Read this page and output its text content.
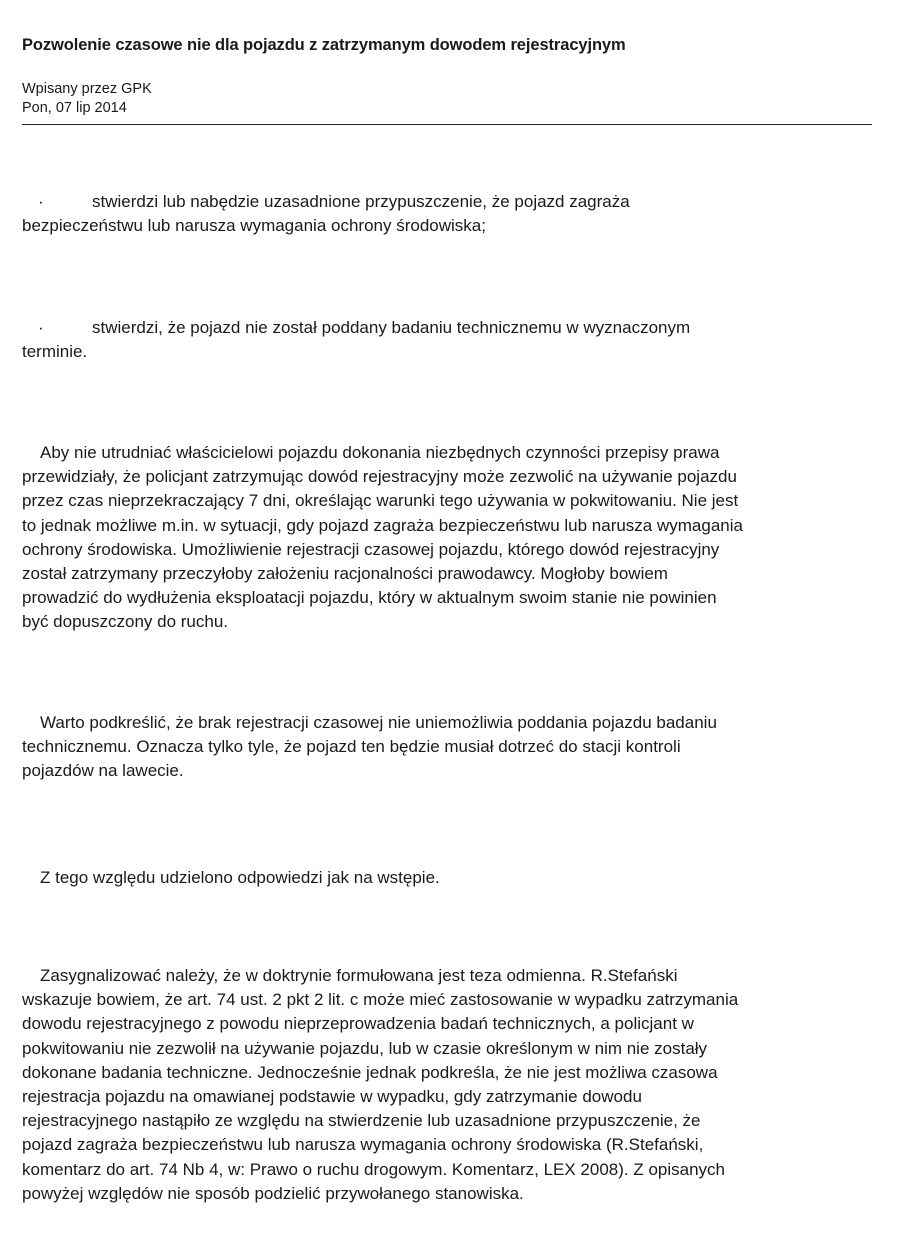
Pozwolenie czasowe nie dla pojazdu z zatrzymanym dowodem rejestracyjnym
Wpisany przez GPK
Pon, 07 lip 2014
·	stwierdzi lub nabędzie uzasadnione przypuszczenie, że pojazd zagraża
bezpieczeństwu lub narusza wymagania ochrony środowiska;
·	stwierdzi, że pojazd nie został poddany badaniu technicznemu w wyznaczonym
terminie.
Aby nie utrudniać właścicielowi pojazdu dokonania niezbędnych czynności przepisy prawa
przewidziały, że policjant zatrzymując dowód rejestracyjny może zezwolić na używanie pojazdu
przez czas nieprzekraczający 7 dni, określając warunki tego używania w pokwitowaniu. Nie jest
to jednak możliwe m.in. w sytuacji, gdy pojazd zagraża bezpieczeństwu lub narusza wymagania
ochrony środowiska. Umożliwienie rejestracji czasowej pojazdu, którego dowód rejestracyjny
został zatrzymany przeczyłoby założeniu racjonalności prawodawcy. Mogłoby bowiem
prowadzić do wydłużenia eksploatacji pojazdu, który w aktualnym swoim stanie nie powinien
być dopuszczony do ruchu.
Warto podkreślić, że brak rejestracji czasowej nie uniemożliwia poddania pojazdu badaniu
technicznemu. Oznacza tylko tyle, że pojazd ten będzie musiał dotrzeć do stacji kontroli
pojazdów na lawecie.
Z tego względu udzielono odpowiedzi jak na wstępie.
Zasygnalizować należy, że w doktrynie formułowana jest teza odmienna. R.Stefański
wskazuje bowiem, że art. 74 ust. 2 pkt 2 lit. c może mieć zastosowanie w wypadku zatrzymania
dowodu rejestracyjnego z powodu nieprzeprowadzenia badań technicznych, a policjant w
pokwitowaniu nie zezwolił na używanie pojazdu, lub w czasie określonym w nim nie zostały
dokonane badania techniczne. Jednocześnie jednak podkreśla, że nie jest możliwa czasowa
rejestracja pojazdu na omawianej podstawie w wypadku, gdy zatrzymanie dowodu
rejestracyjnego nastąpiło ze względu na stwierdzenie lub uzasadnione przypuszczenie, że
pojazd zagraża bezpieczeństwu lub narusza wymagania ochrony środowiska (R.Stefański,
komentarz do art. 74 Nb 4, w: Prawo o ruchu drogowym. Komentarz, LEX 2008). Z opisanych
powyżej względów nie sposób podzielić przywołanego stanowiska.
